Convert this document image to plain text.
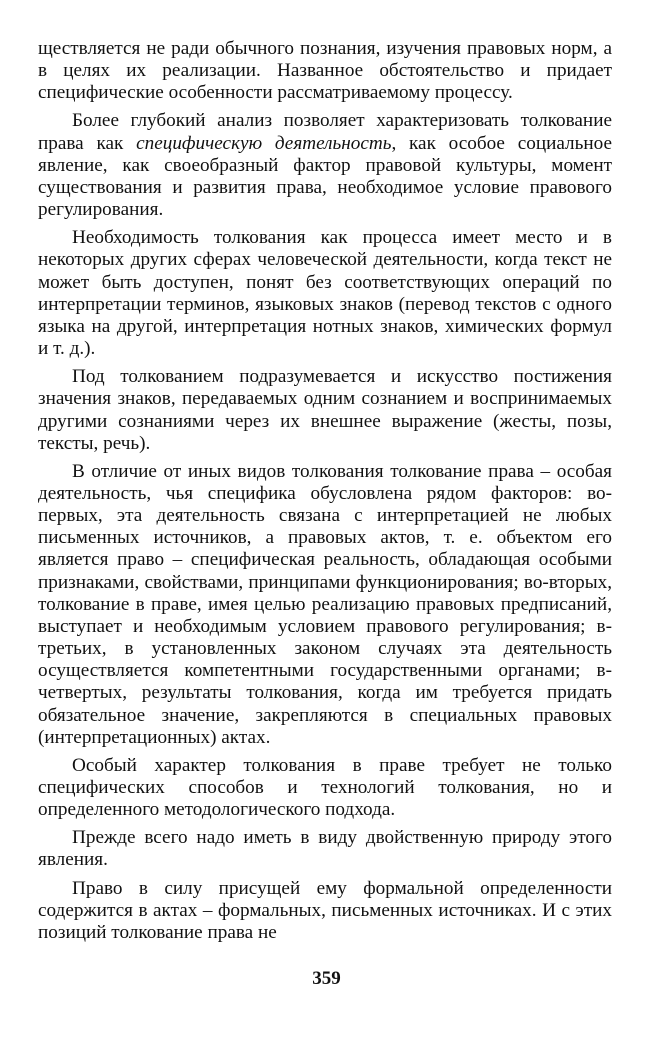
ществляется не ради обычного познания, изучения правовых норм, а в целях их реализации. Названное обстоятельство и придает специфические особенности рассматриваемому процессу.

Более глубокий анализ позволяет характеризовать толкование права как специфическую деятельность, как особое социальное явление, как своеобразный фактор правовой культуры, момент существования и развития права, необходимое условие правового регулирования.

Необходимость толкования как процесса имеет место и в некоторых других сферах человеческой деятельности, когда текст не может быть доступен, понят без соответствующих операций по интерпретации терминов, языковых знаков (перевод текстов с одного языка на другой, интерпретация нотных знаков, химических формул и т. д.).

Под толкованием подразумевается и искусство постижения значения знаков, передаваемых одним сознанием и воспринимаемых другими сознаниями через их внешнее выражение (жесты, позы, тексты, речь).

В отличие от иных видов толкования толкование права – особая деятельность, чья специфика обусловлена рядом факторов: во-первых, эта деятельность связана с интерпретацией не любых письменных источников, а правовых актов, т. е. объектом его является право – специфическая реальность, обладающая особыми признаками, свойствами, принципами функционирования; во-вторых, толкование в праве, имея целью реализацию правовых предписаний, выступает и необходимым условием правового регулирования; в-третьих, в установленных законом случаях эта деятельность осуществляется компетентными государственными органами; в-четвертых, результаты толкования, когда им требуется придать обязательное значение, закрепляются в специальных правовых (интерпретационных) актах.

Особый характер толкования в праве требует не только специфических способов и технологий толкования, но и определенного методологического подхода.

Прежде всего надо иметь в виду двойственную природу этого явления.

Право в силу присущей ему формальной определенности содержится в актах – формальных, письменных источниках. И с этих позиций толкование права не

359
